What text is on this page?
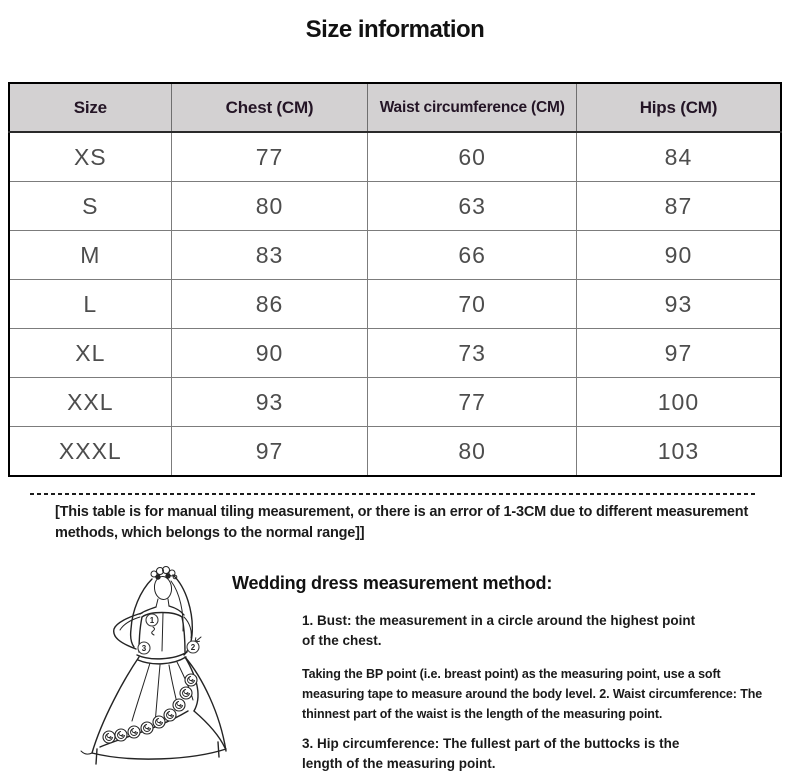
Size information
Size	Chest (CM)	Waist circumference (CM)	Hips (CM)
XS	77	60	84
S	80	63	87
M	83	66	90
L	86	70	93
XL	90	73	97
XXL	93	77	100
XXXL	97	80	103

[This table is for manual tiling measurement, or there is an error of 1-3CM due to different measurement methods, which belongs to the normal range]]

1
2
3
Wedding dress measurement method:

1. Bust: the measurement in a circle around the highest point of the chest.

Taking the BP point (i.e. breast point) as the measuring point, use a soft measuring tape to measure around the body level. 2. Waist circumference: The thinnest part of the waist is the length of the measuring point.

3. Hip circumference: The fullest part of the buttocks is the length of the measuring point.
